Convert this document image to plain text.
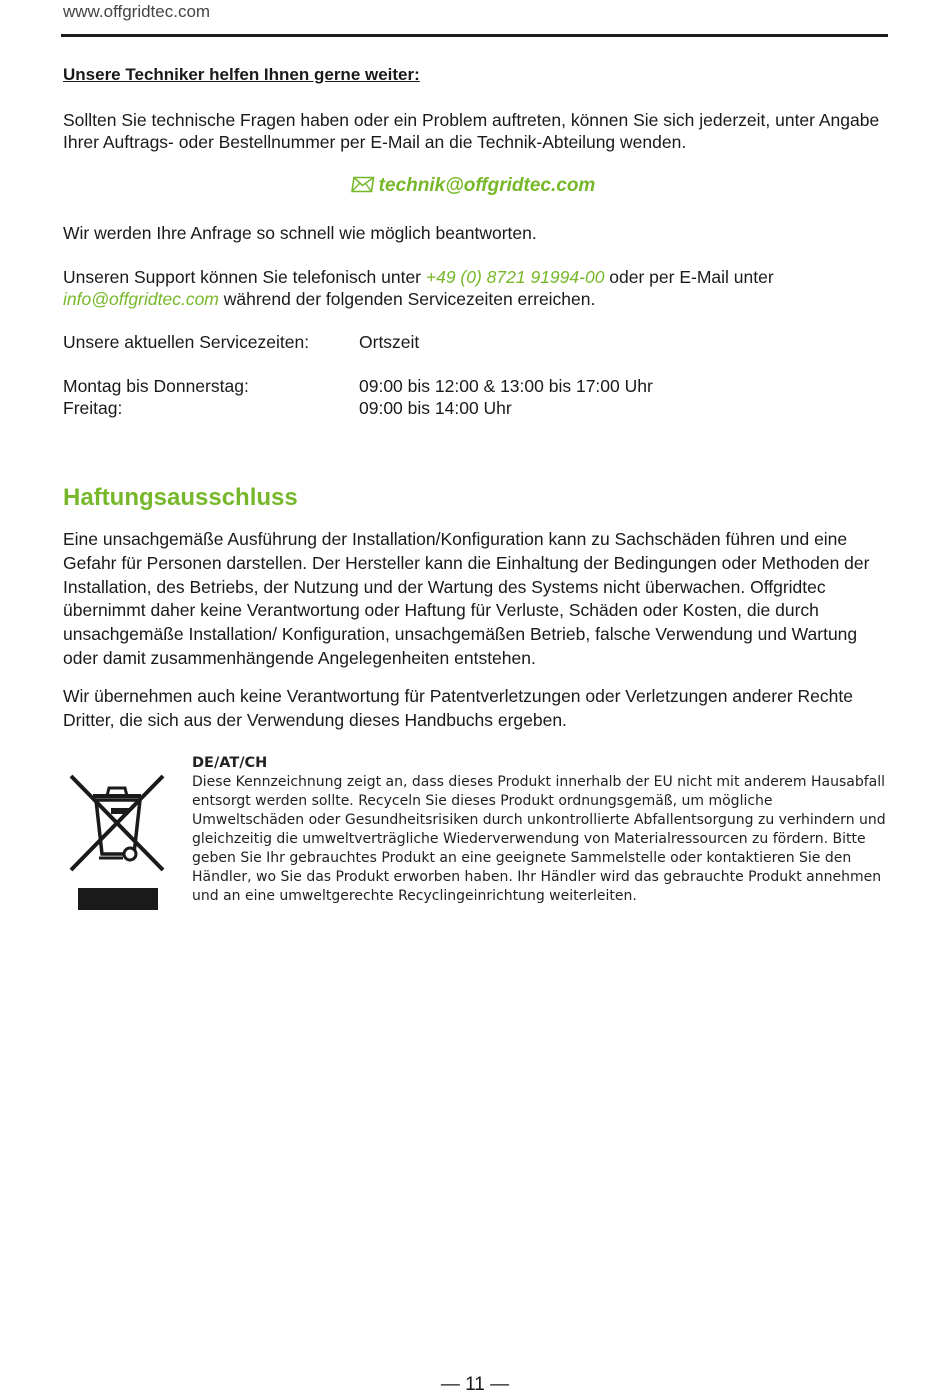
www.offgridtec.com
Unsere Techniker helfen Ihnen gerne weiter:
Sollten Sie technische Fragen haben oder ein Problem auftreten, können Sie sich jederzeit, unter Angabe Ihrer Auftrags- oder Bestellnummer per E-Mail an die Technik-Abteilung wenden.
technik@offgridtec.com
Wir werden Ihre Anfrage so schnell wie möglich beantworten.
Unseren Support können Sie telefonisch unter +49 (0) 8721 91994-00 oder per E-Mail unter
info@offgridtec.com während der folgenden Servicezeiten erreichen.
Unsere aktuellen Servicezeiten:	Ortszeit
Montag bis Donnerstag:	09:00 bis 12:00 & 13:00 bis 17:00 Uhr
Freitag:	09:00 bis 14:00 Uhr
Haftungsausschluss
Eine unsachgemäße Ausführung der Installation/Konfiguration kann zu Sachschäden führen und eine Gefahr für Personen darstellen. Der Hersteller kann die Einhaltung der Bedingungen oder Methoden der Installation, des Betriebs, der Nutzung und der Wartung des Systems nicht überwachen. Offgridtec übernimmt daher keine Verantwortung oder Haftung für Verluste, Schäden oder Kosten, die durch unsachgemäße Installation/ Konfiguration, unsachgemäßen Betrieb, falsche Verwendung und Wartung oder damit zusammenhängende Angelegenheiten entstehen.
Wir übernehmen auch keine Verantwortung für Patentverletzungen oder Verletzungen anderer Rechte Dritter, die sich aus der Verwendung dieses Handbuchs ergeben.
DE/AT/CH
Diese Kennzeichnung zeigt an, dass dieses Produkt innerhalb der EU nicht mit anderem Hausabfall entsorgt werden sollte. Recyceln Sie dieses Produkt ordnungsgemäß, um mögliche Umweltschäden oder Gesundheitsrisiken durch unkontrollierte Abfallentsorgung zu verhindern und gleichzeitig die umweltverträgliche Wiederverwendung von Materialressourcen zu fördern. Bitte geben Sie Ihr gebrauchtes Produkt an eine geeignete Sammelstelle oder kontaktieren Sie den Händler, wo Sie das Produkt erworben haben. Ihr Händler wird das gebrauchte Produkt annehmen und an eine umweltgerechte Recyclingeinrichtung weiterleiten.
— 11 —
